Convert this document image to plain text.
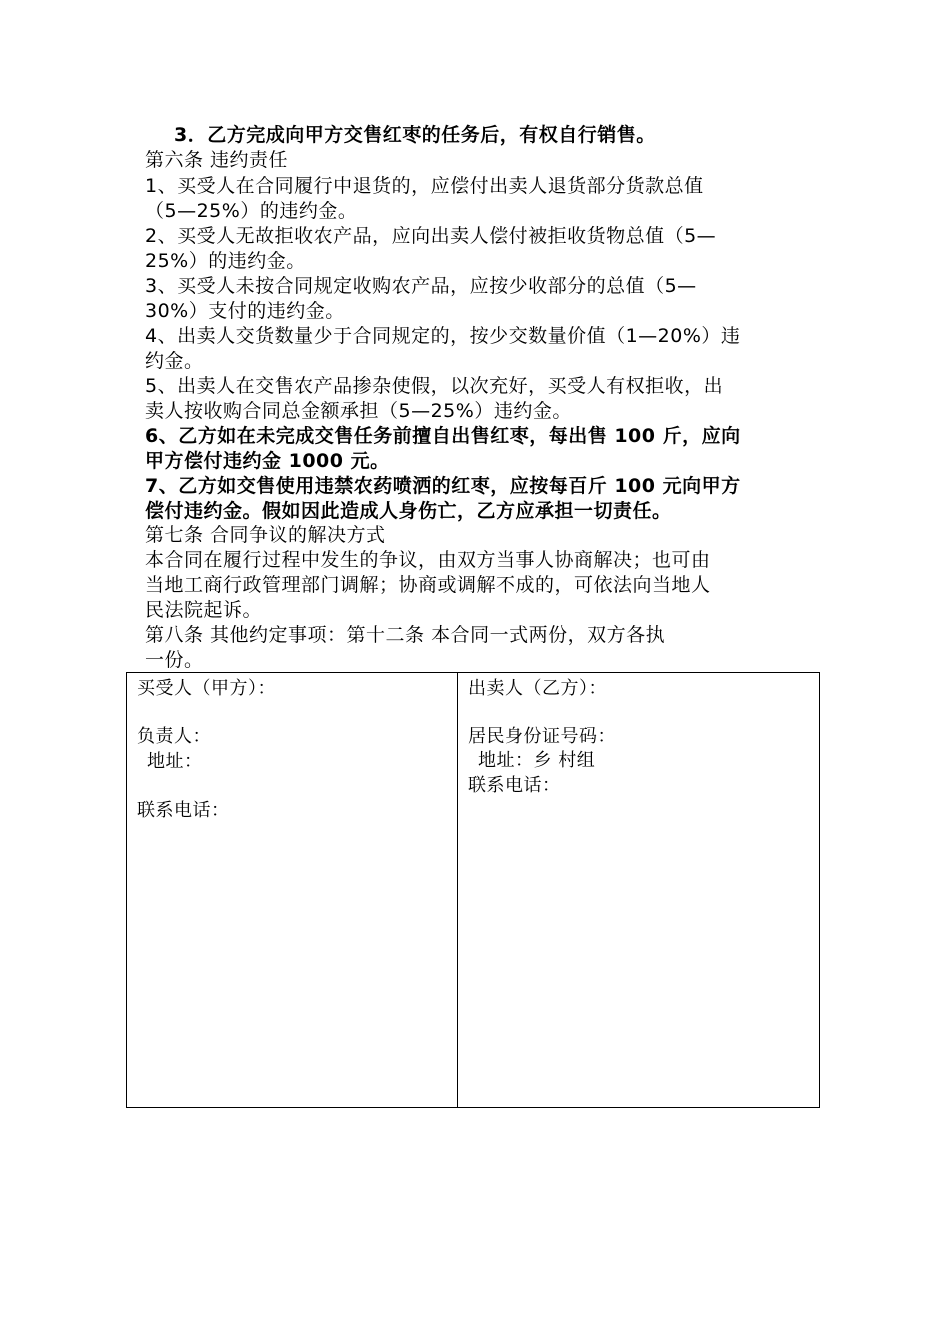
3．乙方完成向甲方交售红枣的任务后，有权自行销售。
第六条 违约责任
1、买受人在合同履行中退货的，应偿付出卖人退货部分货款总值
（5—25%）的违约金。
2、买受人无故拒收农产品，应向出卖人偿付被拒收货物总值（5—
25%）的违约金。
3、买受人未按合同规定收购农产品，应按少收部分的总值（5—
30%）支付的违约金。
4、出卖人交货数量少于合同规定的，按少交数量价值（1—20%）违
约金。
5、出卖人在交售农产品掺杂使假，以次充好，买受人有权拒收，出
卖人按收购合同总金额承担（5—25%）违约金。
6、乙方如在未完成交售任务前擅自出售红枣，每出售 100 斤，应向
甲方偿付违约金 1000 元。
7、乙方如交售使用违禁农药喷洒的红枣，应按每百斤 100 元向甲方
偿付违约金。假如因此造成人身伤亡，乙方应承担一切责任。
第七条 合同争议的解决方式
本合同在履行过程中发生的争议，由双方当事人协商解决；也可由
当地工商行政管理部门调解；协商或调解不成的，可依法向当地人
民法院起诉。
第八条 其他约定事项：第十二条 本合同一式两份，双方各执
一份。
买受人（甲方）：
负责人：
地址：
联系电话：
出卖人（乙方）：
居民身份证号码：
地址：乡 村组
联系电话：
